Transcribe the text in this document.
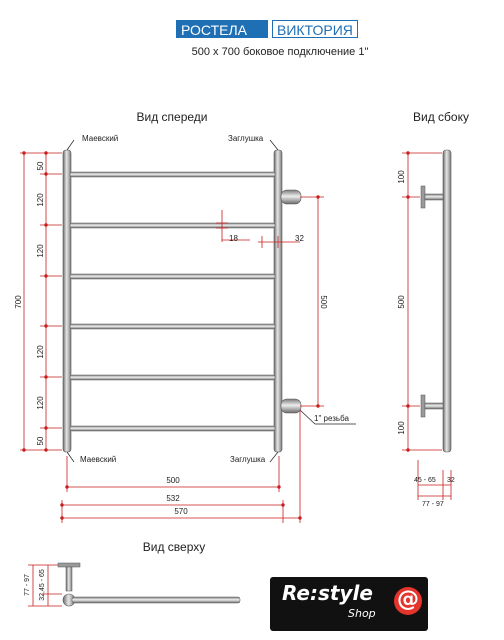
РОСТЕЛА	ВИКТОРИЯ
500 х 700 боковое подключение 1"
Вид спереди	Вид сбоку
Вид сверху
Маевский	Заглушка
Маевский	Заглушка
1" резьба
50
120
120
120
120
50
700
18	32
500
500
532
570
100
500
100
45 - 65 32
77 - 97
77 - 97 32,45 - 65	Re:style
Shop
@
